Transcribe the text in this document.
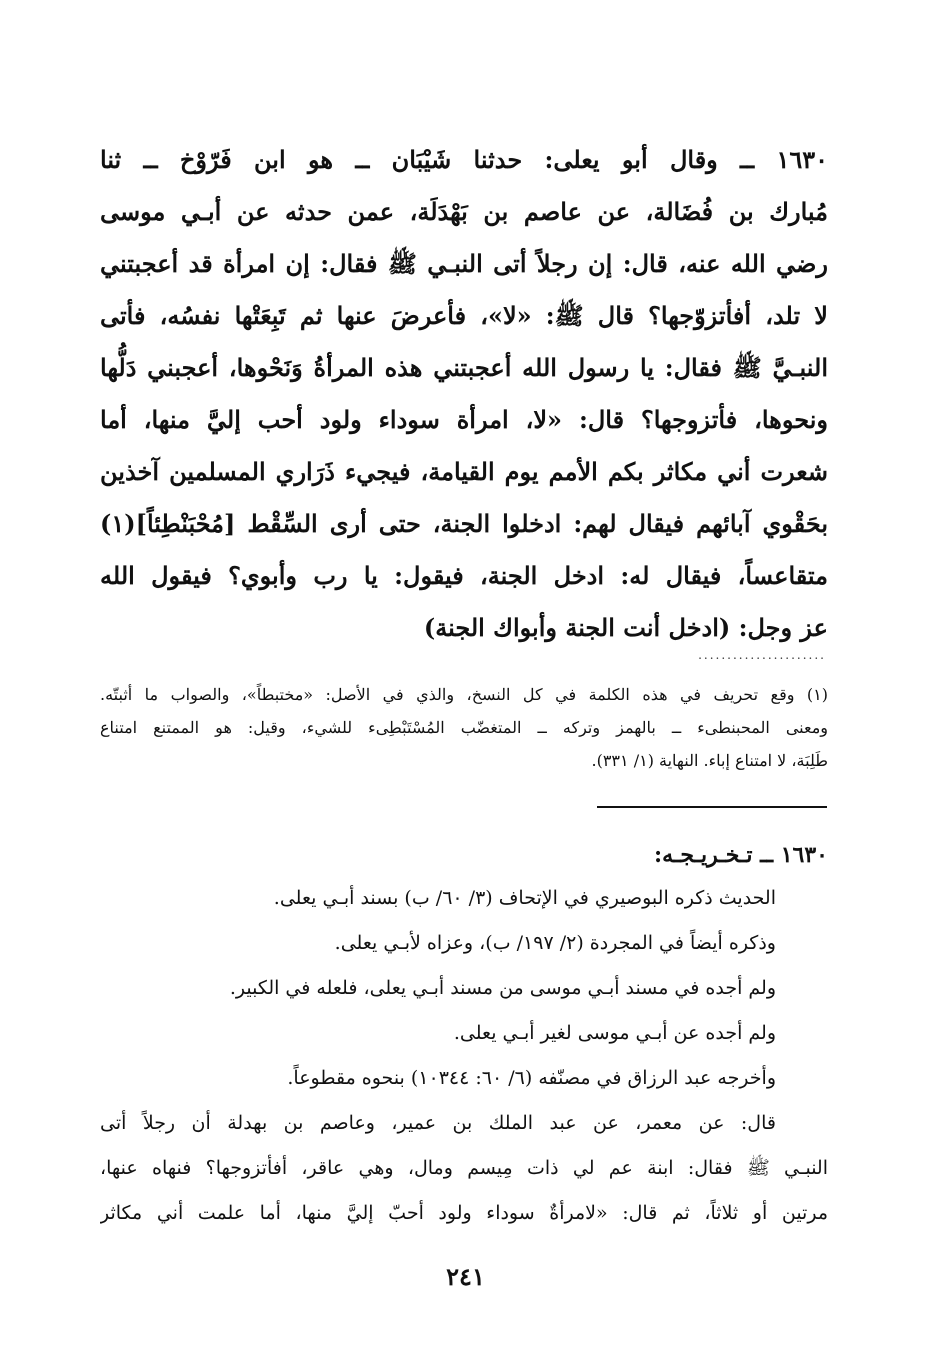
١٦٣٠ ــ وقال أبو يعلى: حدثنا شَيْبَان ــ هو ابن فَرّوْخ ــ ثنا
مُبارك بن فُضَالة، عن عاصم بن بَهْدَلَة، عمن حدثه عن أبـي موسى
رضي الله عنه، قال: إن رجلاً أتى النبـي ﷺ فقال: إن امرأة قد أعجبتني
لا تلد، أفأتزوّجها؟ قال ﷺ: «لا»، فأعرضَ عنها ثم تَبِعَتْها نفسُه، فأتى
النبـيَّ ﷺ فقال: يا رسول الله أعجبتني هذه المرأةُ وَنَحْوها، أعجبني دَلُّها
ونحوها، فأتزوجها؟ قال: «لا، امرأة سوداء ولود أحب إليَّ منها، أما
شعرت أني مكاثر بكم الأمم يوم القيامة، فيجيء ذَرَاري المسلمين آخذين
بحَقْوي آبائهم فيقال لهم: ادخلوا الجنة، حتى أرى السِّقْط [مُحْبَنْطِئاً](١)
متقاعساً، فيقال له: ادخل الجنة، فيقول: يا رب وأبوي؟ فيقول الله
عز وجل: (ادخل أنت الجنة وأبواك الجنة)
......................
(١) وقع تحريف في هذه الكلمة في كل النسخ، والذي في الأصل: «مختبطاً»، والصواب ما أثبتّه.
ومعنى المحبنطىء ــ بالهمز وتركه ــ المتغضّب المُسْتَبْطِىء للشيء، وقيل: هو الممتنع امتناع
طَلِبَة، لا امتناع إباء. النهاية (١/ ٣٣١).
١٦٣٠ ــ تـخـريـجـه:
الحديث ذكره البوصيري في الإتحاف (٣/ ٦٠/ ب) بسند أبـي يعلى.
وذكره أيضاً في المجردة (٢/ ١٩٧/ ب)، وعزاه لأبـي يعلى.
ولم أجده في مسند أبـي موسى من مسند أبـي يعلى، فلعله في الكبير.
ولم أجده عن أبـي موسى لغير أبـي يعلى.
وأخرجه عبد الرزاق في مصنّفه (٦/ ٦٠: ١٠٣٤٤) بنحوه مقطوعاً.
قال: عن معمر، عن عبد الملك بن عمير، وعاصم بن بهدلة أن رجلاً أتى
النبـي ﷺ فقال: ابنة عم لي ذات مِيسم ومال، وهي عاقر، أفأتزوجها؟ فنهاه عنها،
مرتين أو ثلاثاً، ثم قال: «لامرأةٌ سوداء ولود أحبّ إليَّ منها، أما علمت أني مكاثر
٢٤١
